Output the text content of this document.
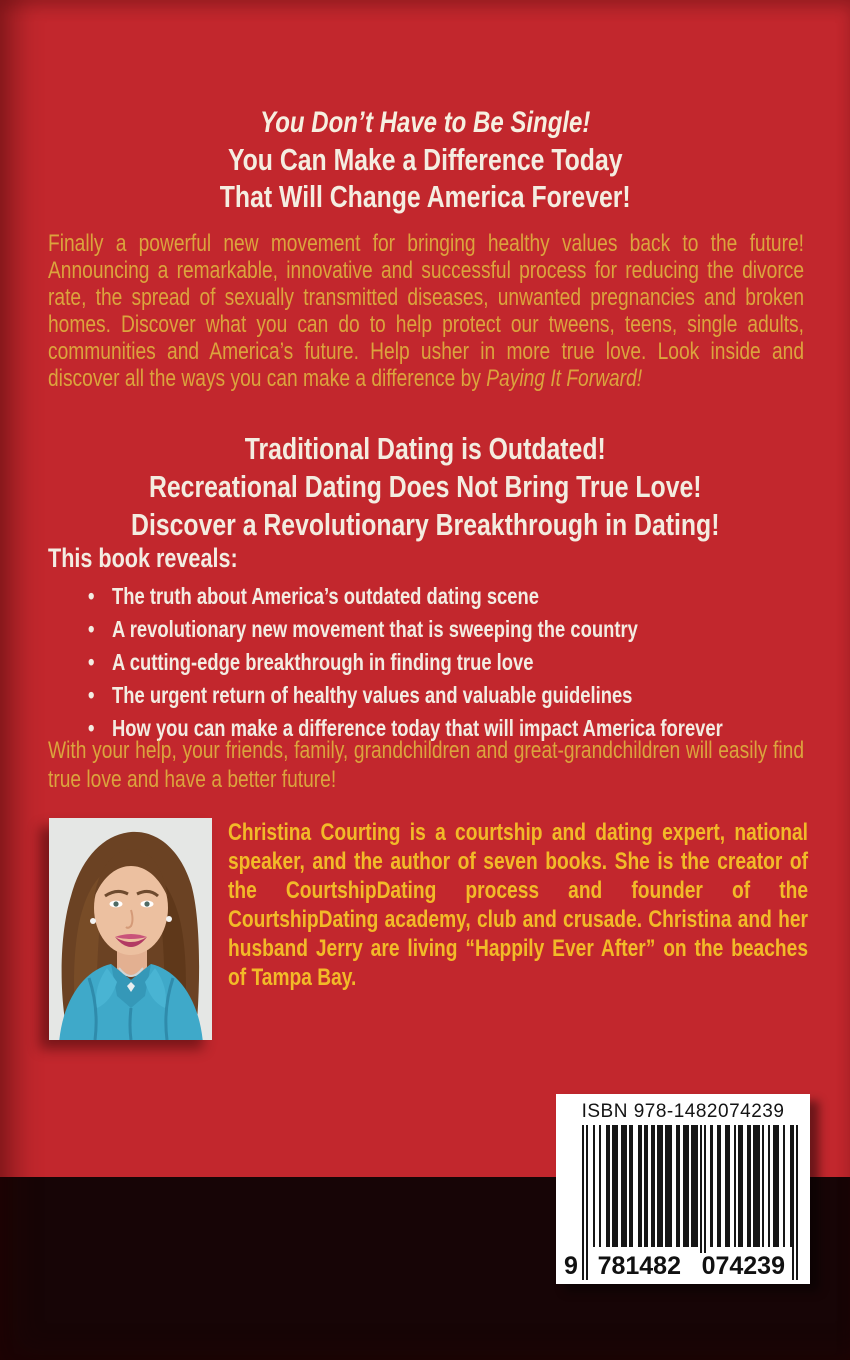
You Don’t Have to Be Single!
You Can Make a Difference Today
That Will Change America Forever!
Finally a powerful new movement for bringing healthy values back to the future! Announcing a remarkable, innovative and successful process for reducing the divorce rate, the spread of sexually transmitted diseases, unwanted pregnancies and broken homes. Discover what you can do to help protect our tweens, teens, single adults, communities and America’s future. Help usher in more true love. Look inside and discover all the ways you can make a difference by Paying It Forward!
Traditional Dating is Outdated!
Recreational Dating Does Not Bring True Love!
Discover a Revolutionary Breakthrough in Dating!
This book reveals:
• The truth about America’s outdated dating scene
• A revolutionary new movement that is sweeping the country
• A cutting-edge breakthrough in finding true love
• The urgent return of healthy values and valuable guidelines
• How you can make a difference today that will impact America forever
With your help, your friends, family, grandchildren and great-grandchildren will easily find true love and have a better future!
Christina Courting is a courtship and dating expert, national speaker, and the author of seven books. She is the creator of the CourtshipDating process and founder of the CourtshipDating academy, club and crusade. Christina and her husband Jerry are living “Happily Ever After” on the beaches of Tampa Bay.
ISBN 978-1482074239
9 781482 074239
